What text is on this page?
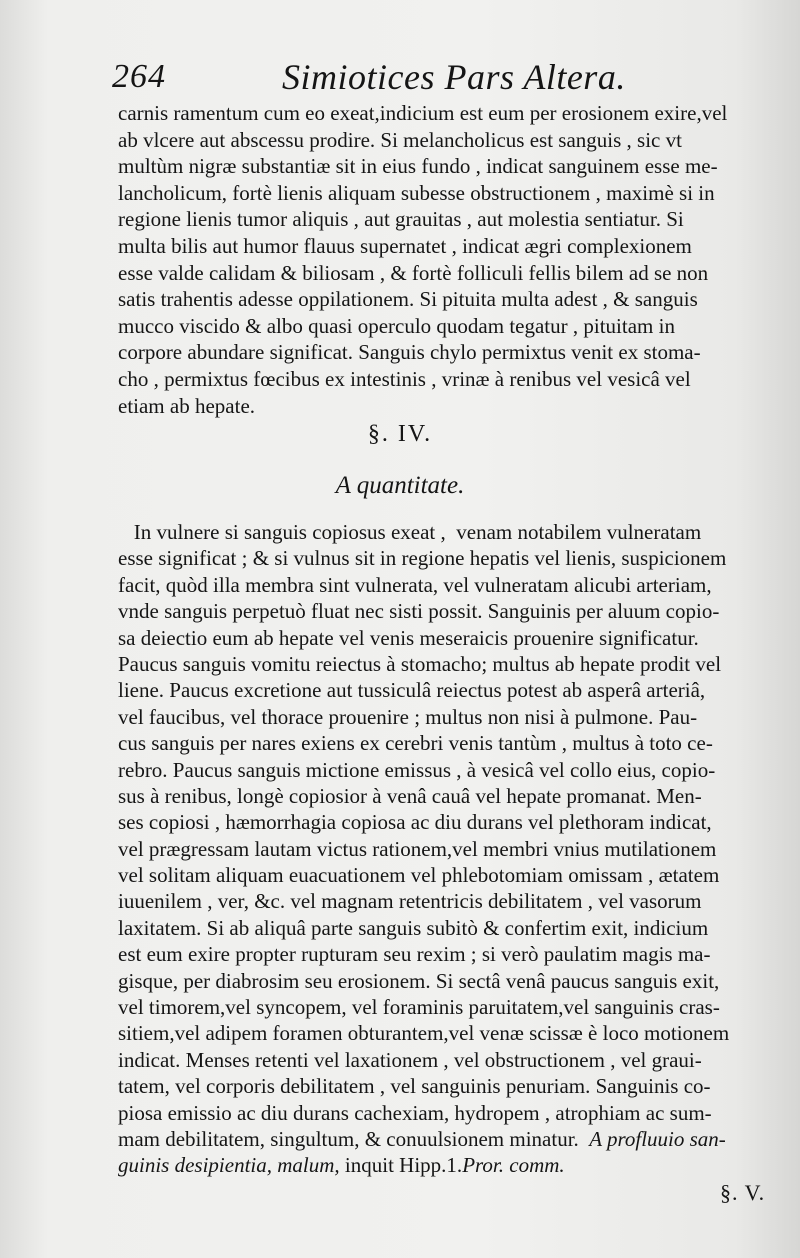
264	Simiotices Pars Altera.
carnis ramentum cum eo exeat,indicium est eum per erosionem exire,vel
ab vlcere aut abscessu prodire. Si melancholicus est sanguis , sic vt
multùm nigræ substantiæ sit in eius fundo , indicat sanguinem esse me-
lancholicum, fortè lienis aliquam subesse obstructionem , maximè si in
regione lienis tumor aliquis , aut grauitas , aut molestia sentiatur. Si
multa bilis aut humor flauus supernatet , indicat ægri complexionem
esse valde calidam & biliosam , & fortè folliculi fellis bilem ad se non
satis trahentis adesse oppilationem. Si pituita multa adest , & sanguis
mucco viscido & albo quasi operculo quodam tegatur , pituitam in
corpore abundare significat. Sanguis chylo permixtus venit ex stoma-
cho , permixtus fœcibus ex intestinis , vrinæ à renibus vel vesicâ vel
etiam ab hepate.
§. IV.
A quantitate.
In vulnere si sanguis copiosus exeat ,  venam notabilem vulneratam
esse significat ; & si vulnus sit in regione hepatis vel lienis, suspicionem
facit, quòd illa membra sint vulnerata, vel vulneratam alicubi arteriam,
vnde sanguis perpetuò fluat nec sisti possit. Sanguinis per aluum copio-
sa deiectio eum ab hepate vel venis meseraicis prouenire significatur.
Paucus sanguis vomitu reiectus à stomacho; multus ab hepate prodit vel
liene. Paucus excretione aut tussiculâ reiectus potest ab asperâ arteriâ,
vel faucibus, vel thorace prouenire ; multus non nisi à pulmone. Pau-
cus sanguis per nares exiens ex cerebri venis tantùm , multus à toto ce-
rebro. Paucus sanguis mictione emissus , à vesicâ vel collo eius, copio-
sus à renibus, longè copiosior à venâ cauâ vel hepate promanat. Men-
ses copiosi , hæmorrhagia copiosa ac diu durans vel plethoram indicat,
vel prægressam lautam victus rationem,vel membri vnius mutilationem
vel solitam aliquam euacuationem vel phlebotomiam omissam , ætatem
iuuenilem , ver, &c. vel magnam retentricis debilitatem , vel vasorum
laxitatem. Si ab aliquâ parte sanguis subitò & confertim exit, indicium
est eum exire propter rupturam seu rexim ; si verò paulatim magis ma-
gisque, per diabrosim seu erosionem. Si sectâ venâ paucus sanguis exit,
vel timorem,vel syncopem, vel foraminis paruitatem,vel sanguinis cras-
sitiem,vel adipem foramen obturantem,vel venæ scissæ è loco motionem
indicat. Menses retenti vel laxationem , vel obstructionem , vel graui-
tatem, vel corporis debilitatem , vel sanguinis penuriam. Sanguinis co-
piosa emissio ac diu durans cachexiam, hydropem , atrophiam ac sum-
mam debilitatem, singultum, & conuulsionem minatur.  A profluuio san-
guinis desipientia, malum, inquit Hipp.1.Pror. comm.
§. V.
